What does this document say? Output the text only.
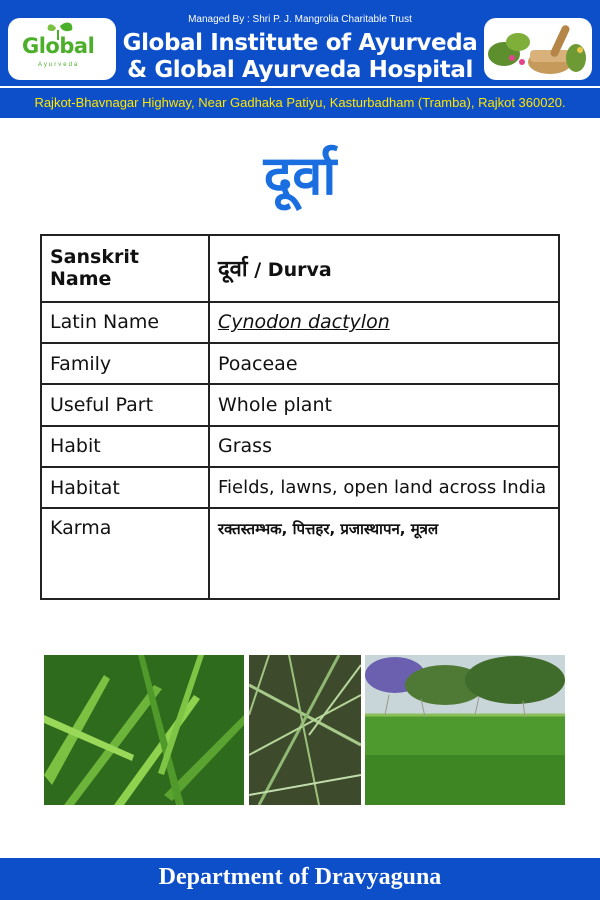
Global
Ayurveda
Managed By : Shri P. J. Mangrolia Charitable Trust
Global Institute of Ayurveda
& Global Ayurveda Hospital
Rajkot-Bhavnagar Highway, Near Gadhaka Patiyu, Kasturbadham (Tramba), Rajkot 360020.
दूर्वा
Sanskrit Name	दूर्वा / Durva
Latin Name	Cynodon dactylon
Family	Poaceae
Useful Part	Whole plant
Habit	Grass
Habitat	Fields, lawns, open land across India
Karma	रक्तस्तम्भक, पित्तहर, प्रजास्थापन, मूत्रल
Department of Dravyaguna
